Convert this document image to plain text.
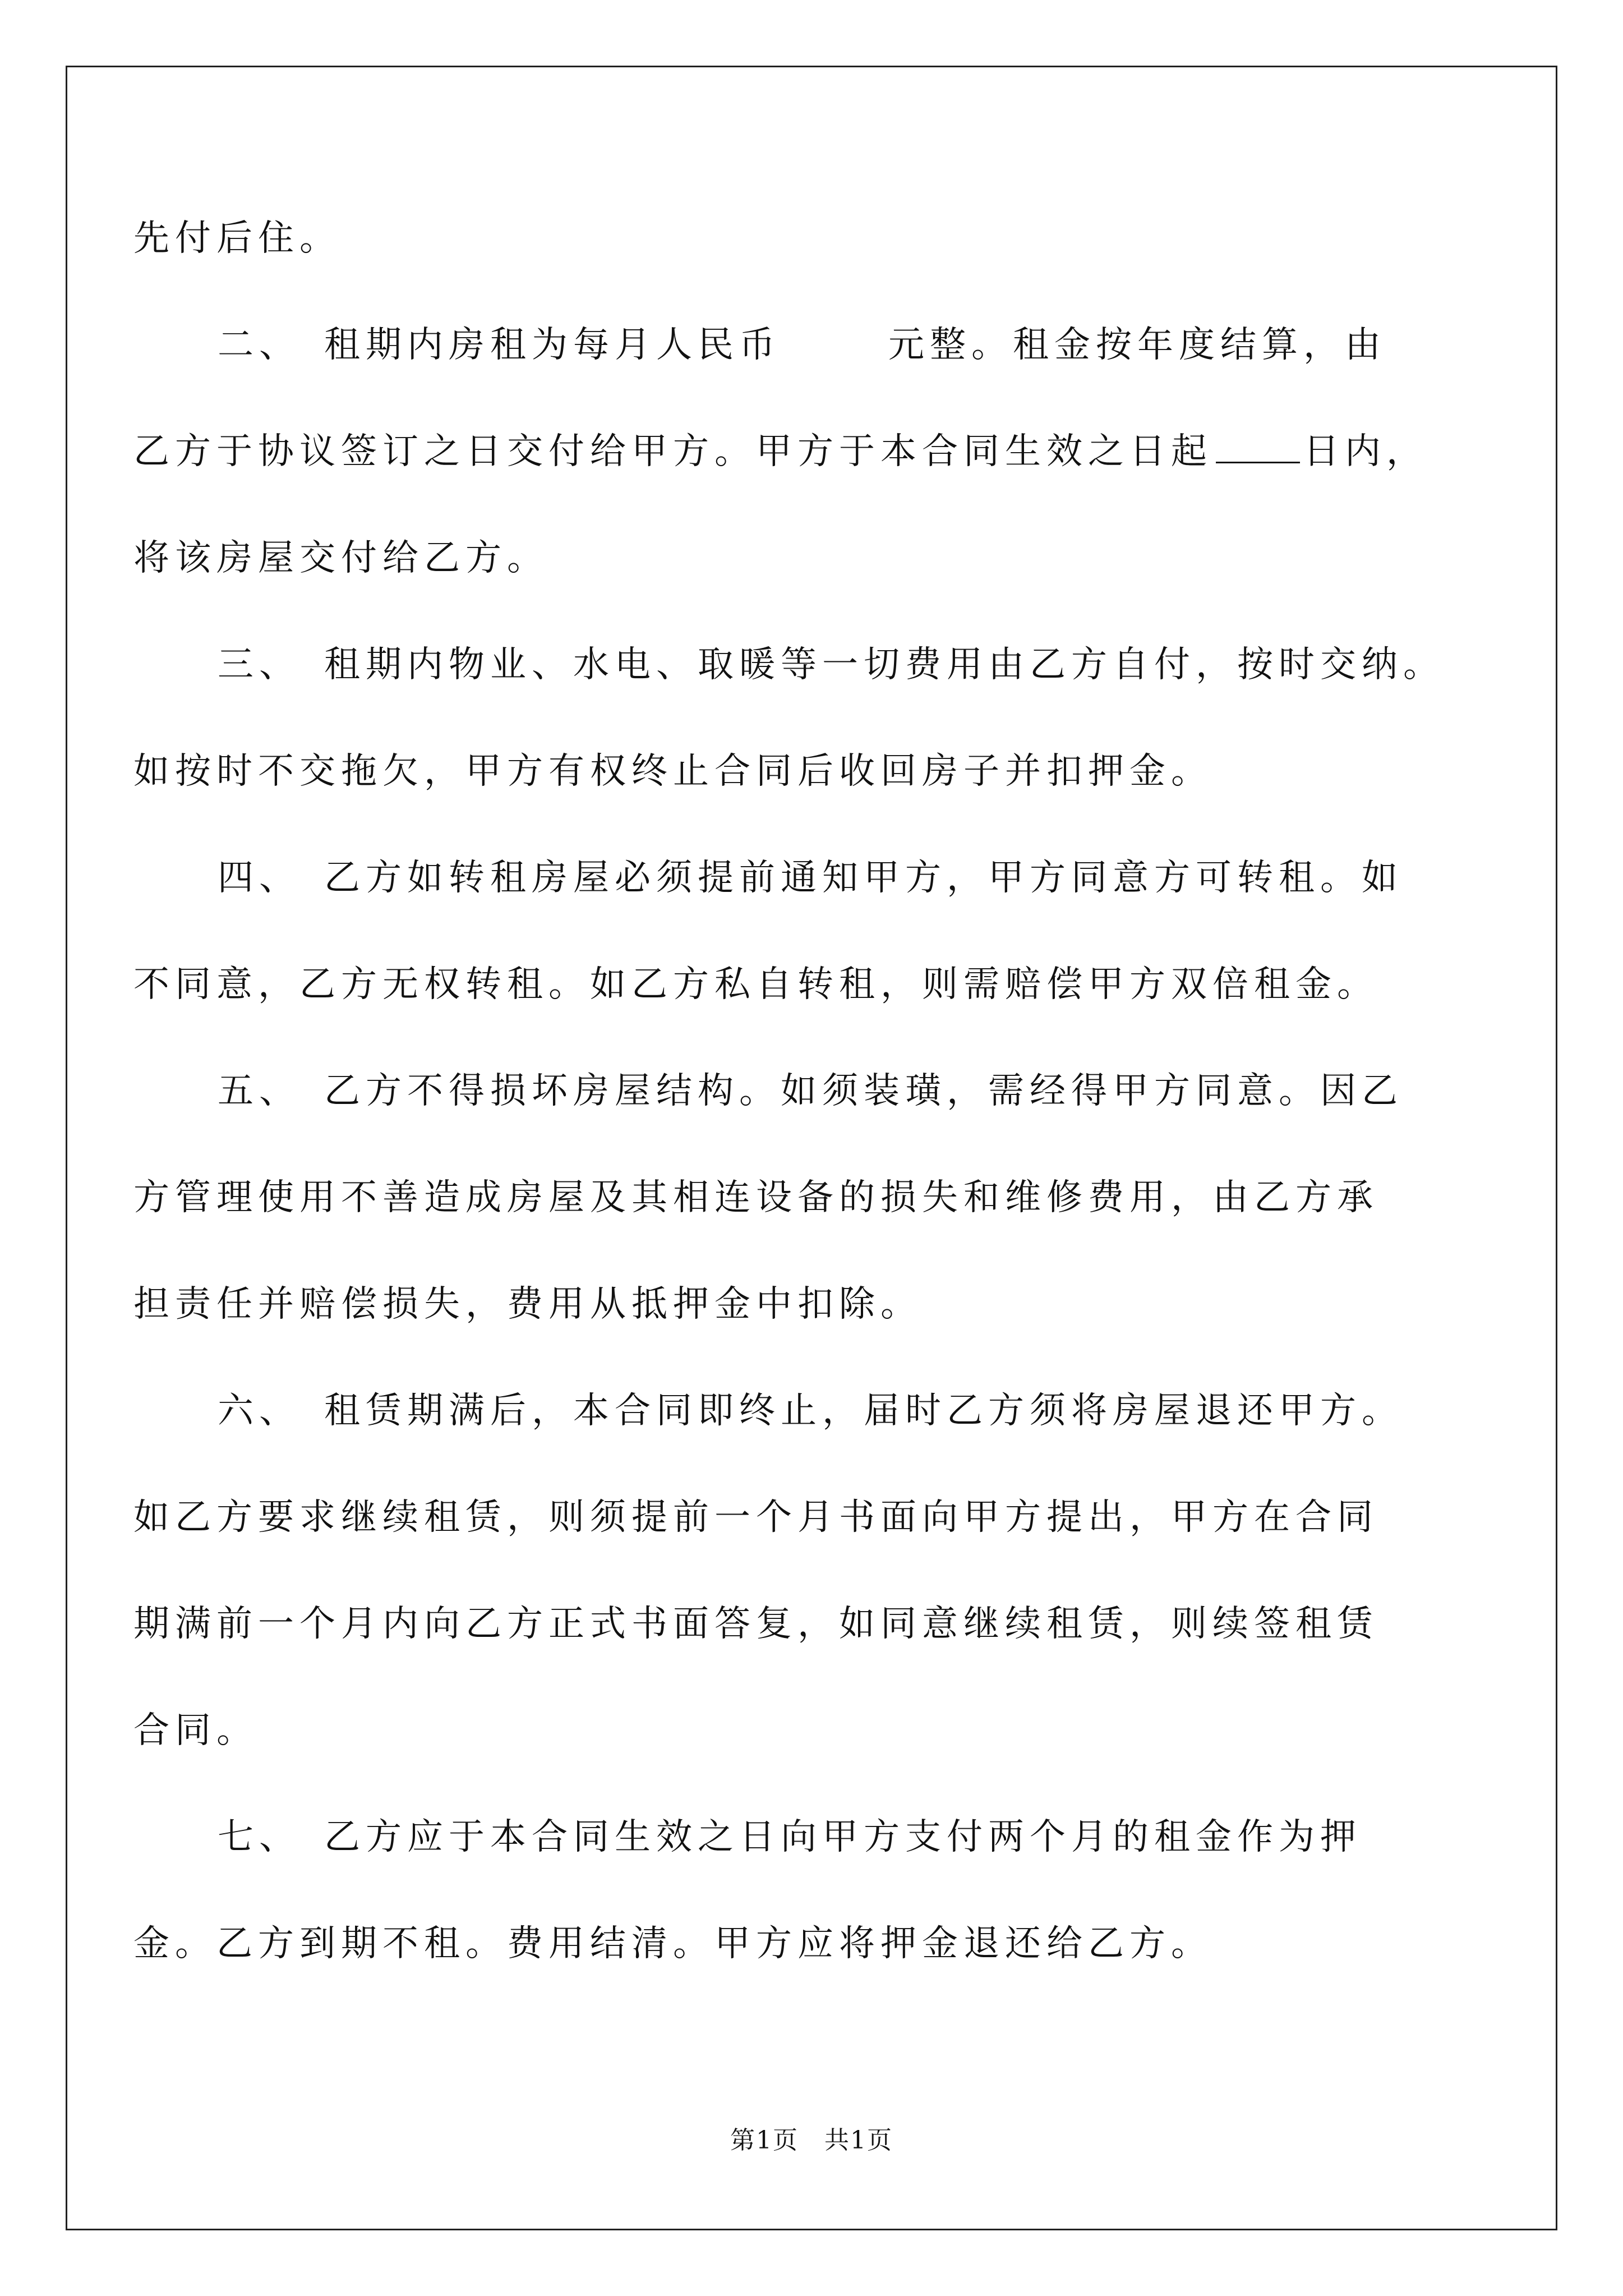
先付后住。
二、 租期内房租为每月人民币	元整。租金按年度结算，由
乙方于协议签订之日交付给甲方。甲方于本合同生效之日起	日内，
将该房屋交付给乙方。
三、 租期内物业、水电、取暖等一切费用由乙方自付，按时交纳。
如按时不交拖欠，甲方有权终止合同后收回房子并扣押金。
四、 乙方如转租房屋必须提前通知甲方，甲方同意方可转租。如
不同意，乙方无权转租。如乙方私自转租，则需赔偿甲方双倍租金。
五、 乙方不得损坏房屋结构。如须装璜，需经得甲方同意。因乙
方管理使用不善造成房屋及其相连设备的损失和维修费用，由乙方承
担责任并赔偿损失，费用从抵押金中扣除。
六、 租赁期满后，本合同即终止，届时乙方须将房屋退还甲方。
如乙方要求继续租赁，则须提前一个月书面向甲方提出，甲方在合同
期满前一个月内向乙方正式书面答复，如同意继续租赁，则续签租赁
合同。
七、 乙方应于本合同生效之日向甲方支付两个月的租金作为押
金。乙方到期不租。费用结清。甲方应将押金退还给乙方。
第1页　共1页
